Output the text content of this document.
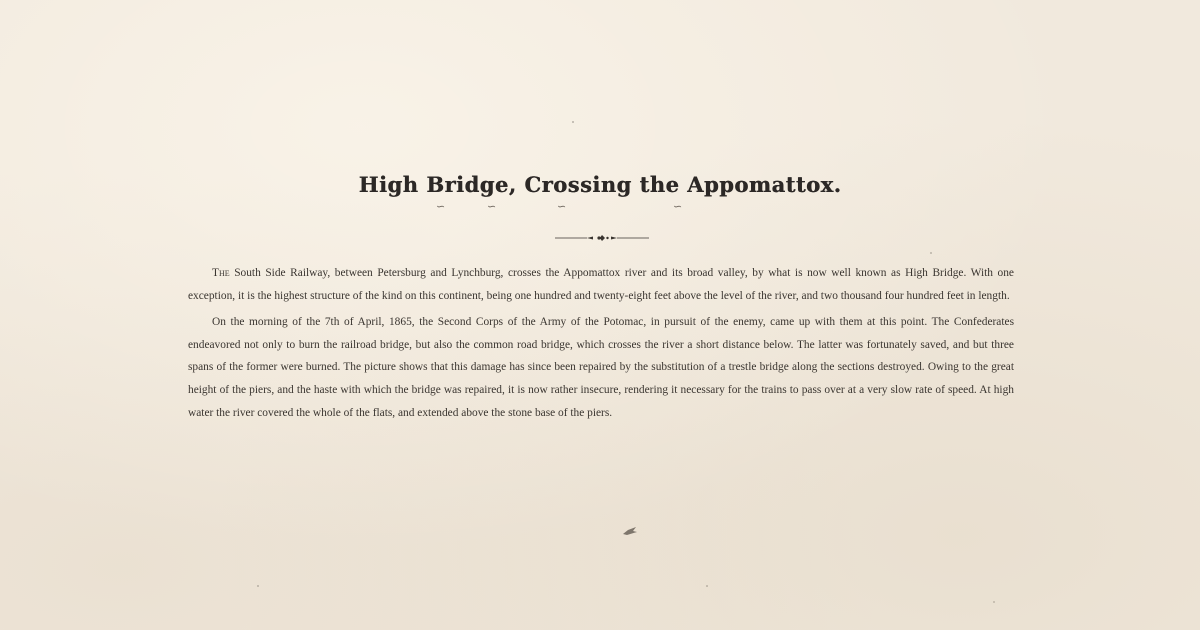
High Bridge, Crossing the Appomattox.
∽	∽	∽	∽

The South Side Railway, between Petersburg and Lynchburg, crosses the Appomattox river and its broad valley, by what is now well known as High Bridge. With one exception, it is the highest structure of the kind on this continent, being one hundred and twenty-eight feet above the level of the river, and two thousand four hundred feet in length.

On the morning of the 7th of April, 1865, the Second Corps of the Army of the Potomac, in pursuit of the enemy, came up with them at this point. The Confederates endeavored not only to burn the railroad bridge, but also the common road bridge, which crosses the river a short distance below. The latter was fortunately saved, and but three spans of the former were burned. The picture shows that this damage has since been repaired by the substitution of a trestle bridge along the sections destroyed. Owing to the great height of the piers, and the haste with which the bridge was repaired, it is now rather insecure, rendering it necessary for the trains to pass over at a very slow rate of speed. At high water the river covered the whole of the flats, and extended above the stone base of the piers.
